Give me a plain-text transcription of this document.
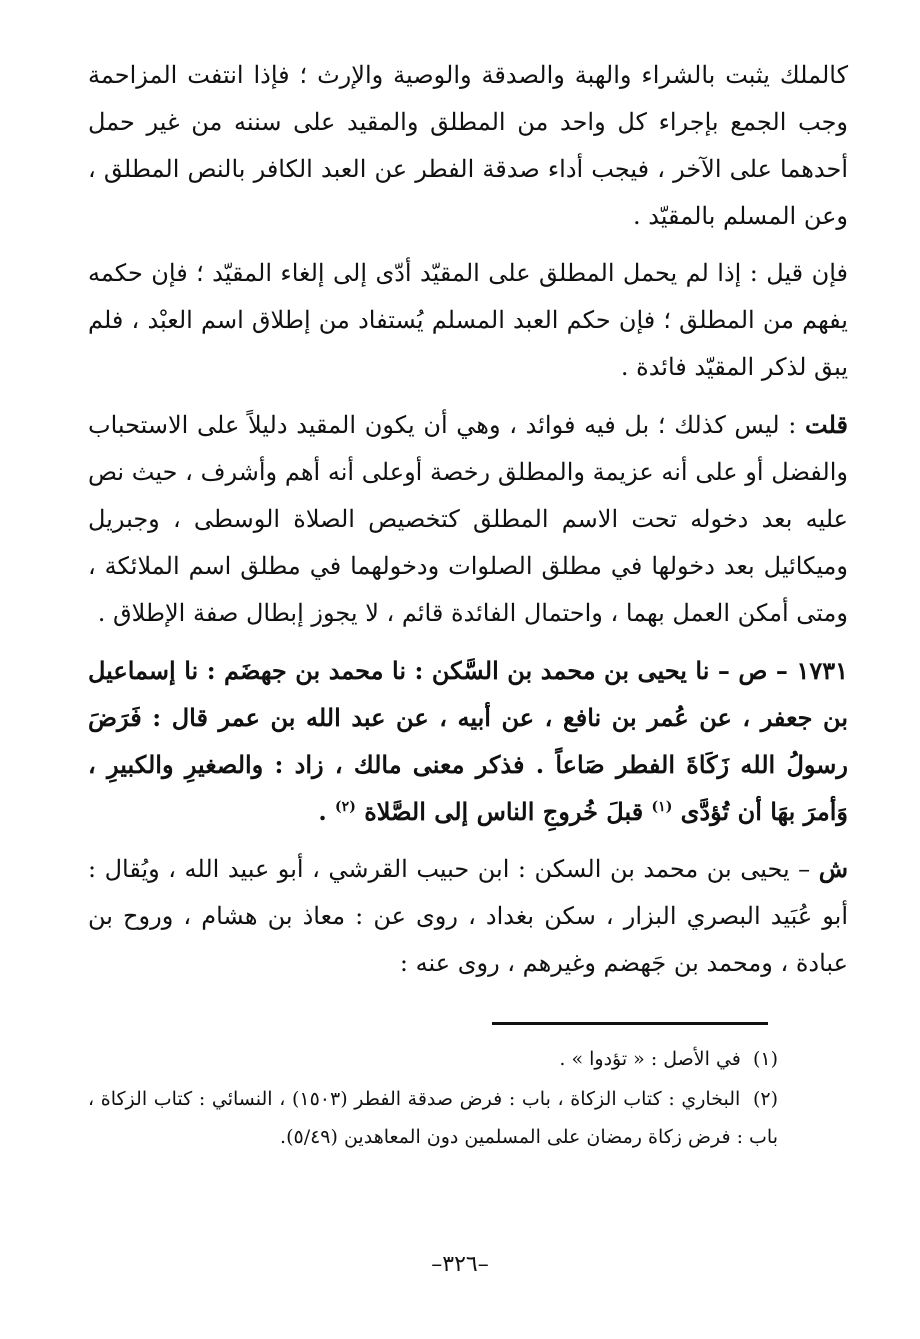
كالملك يثبت بالشراء والهبة والصدقة والوصية والإرث ؛ فإذا انتفت المزاحمة وجب الجمع بإجراء كل واحد من المطلق والمقيد على سننه من غير حمل أحدهما على الآخر ، فيجب أداء صدقة الفطر عن العبد الكافر بالنص المطلق ، وعن المسلم بالمقيّد .

فإن قيل : إذا لم يحمل المطلق على المقيّد أدّى إلى إلغاء المقيّد ؛ فإن حكمه يفهم من المطلق ؛ فإن حكم العبد المسلم يُستفاد من إطلاق اسم العبْد ، فلم يبق لذكر المقيّد فائدة .

قلت : ليس كذلك ؛ بل فيه فوائد ، وهي أن يكون المقيد دليلاً على الاستحباب والفضل أو على أنه عزيمة والمطلق رخصة أوعلى أنه أهم وأشرف ، حيث نص عليه بعد دخوله تحت الاسم المطلق كتخصيص الصلاة الوسطى ، وجبريل وميكائيل بعد دخولها في مطلق الصلوات ودخولهما في مطلق اسم الملائكة ، ومتى أمكن العمل بهما ، واحتمال الفائدة قائم ، لا يجوز إبطال صفة الإطلاق .

١٧٣١ – ص – نا يحيى بن محمد بن السَّكن : نا محمد بن جهضَم : نا إسماعيل بن جعفر ، عن عُمر بن نافع ، عن أبيه ، عن عبد الله بن عمر قال : فَرَضَ رسولُ الله زَكَاةَ الفطر صَاعاً . فذكر معنى مالك ، زاد : والصغيرِ والكبيرِ ، وَأمرَ بهَا أن تُؤدَّى $^{(١)}$ قبلَ خُروجِ الناس إلى الصَّلاة $^{(٢)}$ .

ش – يحيى بن محمد بن السكن : ابن حبيب القرشي ، أبو عبيد الله ، ويُقال : أبو عُبَيد البصري البزار ، سكن بغداد ، روى عن : معاذ بن هشام ، وروح بن عبادة ، ومحمد بن جَهضم وغيرهم ، روى عنه :

(١) في الأصل : « تؤدوا » .

(٢) البخاري : كتاب الزكاة ، باب : فرض صدقة الفطر (١٥٠٣) ، النسائي : كتاب الزكاة ، باب : فرض زكاة رمضان على المسلمين دون المعاهدين (٥/٤٩).

–٣٢٦–
